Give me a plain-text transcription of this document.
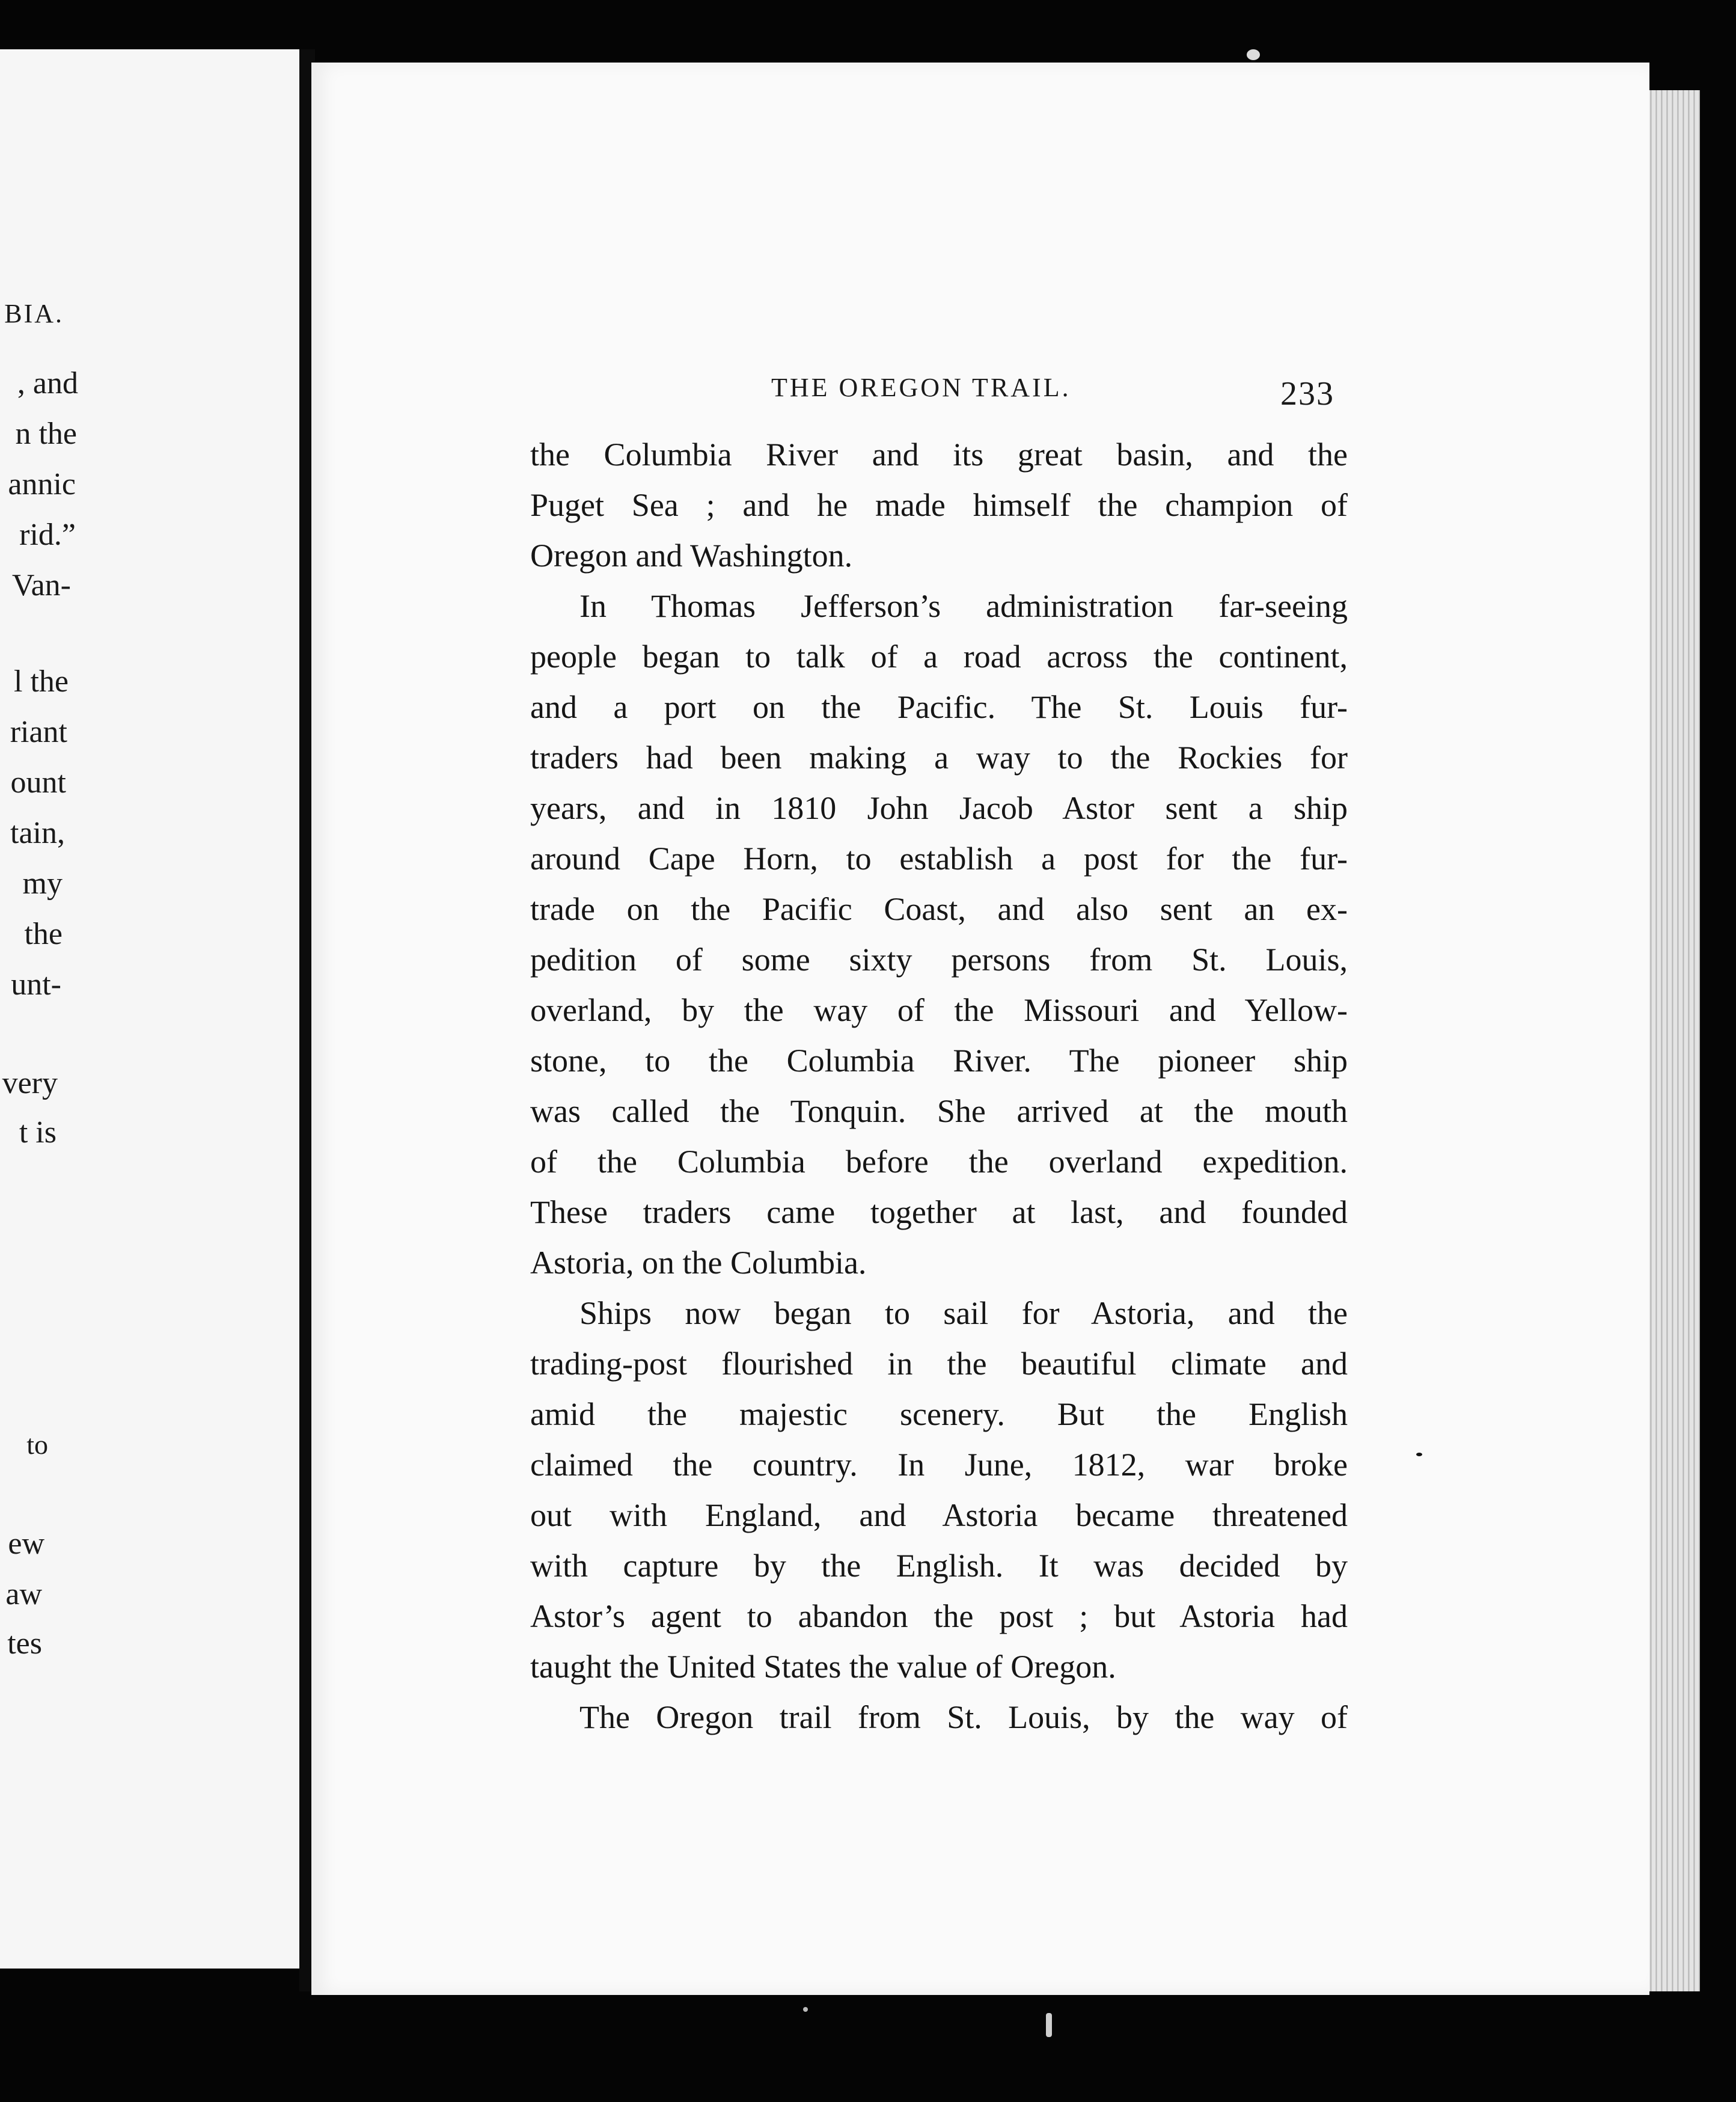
BIA.
, and
n the
annic
rid.”
Van-
l the
riant
ount
tain,
my
the
unt-
very
t is
to
ew
aw
tes
THE OREGON TRAIL.	233
the Columbia River and its great basin, and the
Puget Sea ; and he made himself the champion of
Oregon and Washington.
In Thomas Jefferson’s administration far-seeing
people began to talk of a road across the continent,
and a port on the Pacific. The St. Louis fur-
traders had been making a way to the Rockies for
years, and in 1810 John Jacob Astor sent a ship
around Cape Horn, to establish a post for the fur-
trade on the Pacific Coast, and also sent an ex-
pedition of some sixty persons from St. Louis,
overland, by the way of the Missouri and Yellow-
stone, to the Columbia River. The pioneer ship
was called the Tonquin. She arrived at the mouth
of the Columbia before the overland expedition.
These traders came together at last, and founded
Astoria, on the Columbia.
Ships now began to sail for Astoria, and the
trading-post flourished in the beautiful climate and
amid the majestic scenery. But the English
claimed the country. In June, 1812, war broke
out with England, and Astoria became threatened
with capture by the English. It was decided by
Astor’s agent to abandon the post ; but Astoria had
taught the United States the value of Oregon.
The Oregon trail from St. Louis, by the way of
